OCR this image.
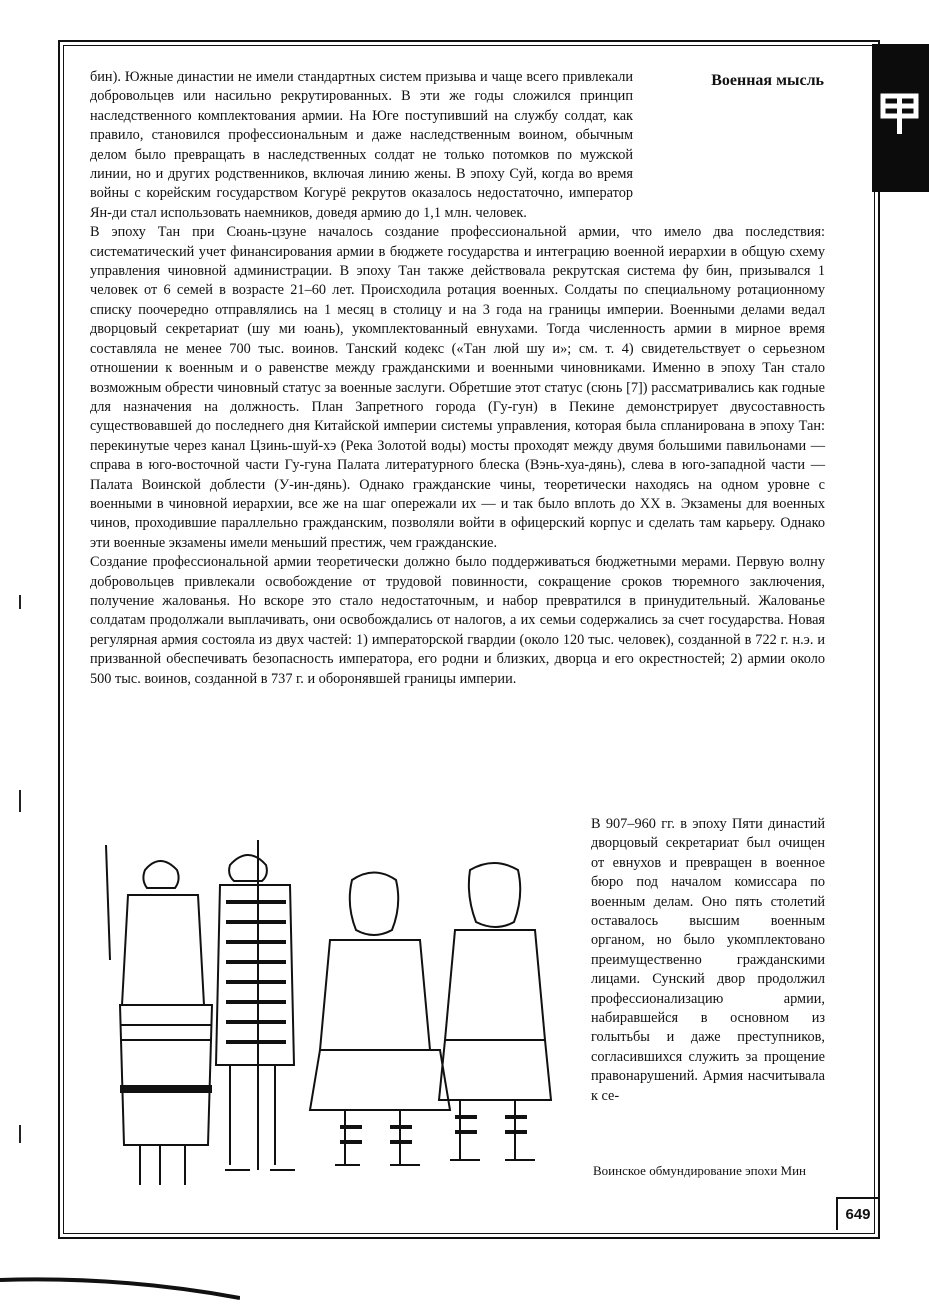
Военная мысль

бин). Южные династии не имели стандартных систем призыва и чаще всего привлекали добровольцев или насильно рекрутированных. В эти же годы сложился принцип наследственного комплектования армии. На Юге поступивший на службу солдат, как правило, становился профессиональным и даже наследственным воином, обычным делом было превращать в наследственных солдат не только потомков по мужской линии, но и других родственников, включая линию жены. В эпоху Суй, когда во время войны с корейским государством Когурё рекрутов оказалось недостаточно, император Ян-ди стал использовать наемников, доведя армию до 1,1 млн. человек.

В эпоху Тан при Сюань-цзуне началось создание профессиональной армии, что имело два последствия: систематический учет финансирования армии в бюджете государства и интеграцию военной иерархии в общую схему управления чиновной администрации. В эпоху Тан также действовала рекрутская система фу бин, призывался 1 человек от 6 семей в возрасте 21–60 лет. Происходила ротация военных. Солдаты по специальному ротационному списку поочередно отправлялись на 1 месяц в столицу и на 3 года на границы империи. Военными делами ведал дворцовый секретариат (шу ми юань), укомплектованный евнухами. Тогда численность армии в мирное время составляла не менее 700 тыс. воинов. Танский кодекс («Тан люй шу и»; см. т. 4) свидетельствует о серьезном отношении к военным и о равенстве между гражданскими и военными чиновниками. Именно в эпоху Тан стало возможным обрести чиновный статус за военные заслуги. Обретшие этот статус (сюнь [7]) рассматривались как годные для назначения на должность. План Запретного города (Гу-гун) в Пекине демонстрирует двусоставность существовавшей до последнего дня Китайской империи системы управления, которая была спланирована в эпоху Тан: перекинутые через канал Цзинь-шуй-хэ (Река Золотой воды) мосты проходят между двумя большими павильонами — справа в юго-восточной части Гу-гуна Палата литературного блеска (Вэнь-хуа-дянь), слева в юго-западной части — Палата Воинской доблести (У-ин-дянь). Однако гражданские чины, теоретически находясь на одном уровне с военными в чиновной иерархии, все же на шаг опережали их — и так было вплоть до XX в. Экзамены для военных чинов, проходившие параллельно гражданским, позволяли войти в офицерский корпус и сделать там карьеру. Однако эти военные экзамены имели меньший престиж, чем гражданские.

Создание профессиональной армии теоретически должно было поддерживаться бюджетными мерами. Первую волну добровольцев привлекали освобождение от трудовой повинности, сокращение сроков тюремного заключения, получение жалованья. Но вскоре это стало недостаточным, и набор превратился в принудительный. Жалованье солдатам продолжали выплачивать, они освобождались от налогов, а их семьи содержались за счет государства. Новая регулярная армия состояла из двух частей: 1) императорской гвардии (около 120 тыс. человек), созданной в 722 г. н.э. и призванной обеспечивать безопасность императора, его родни и близких, дворца и его окрестностей; 2) армии около 500 тыс. воинов, созданной в 737 г. и оборонявшей границы империи.

В 907–960 гг. в эпоху Пяти династий дворцовый секретариат был очищен от евнухов и превращен в военное бюро под началом комиссара по военным делам. Оно пять столетий оставалось высшим военным органом, но было укомплектовано преимущественно гражданскими лицами. Сунский двор продолжил профессионализацию армии, набиравшейся в основном из голытьбы и даже преступников, согласившихся служить за прощение правонарушений. Армия насчитывала к се-

Воинское обмундирование эпохи Мин
649
